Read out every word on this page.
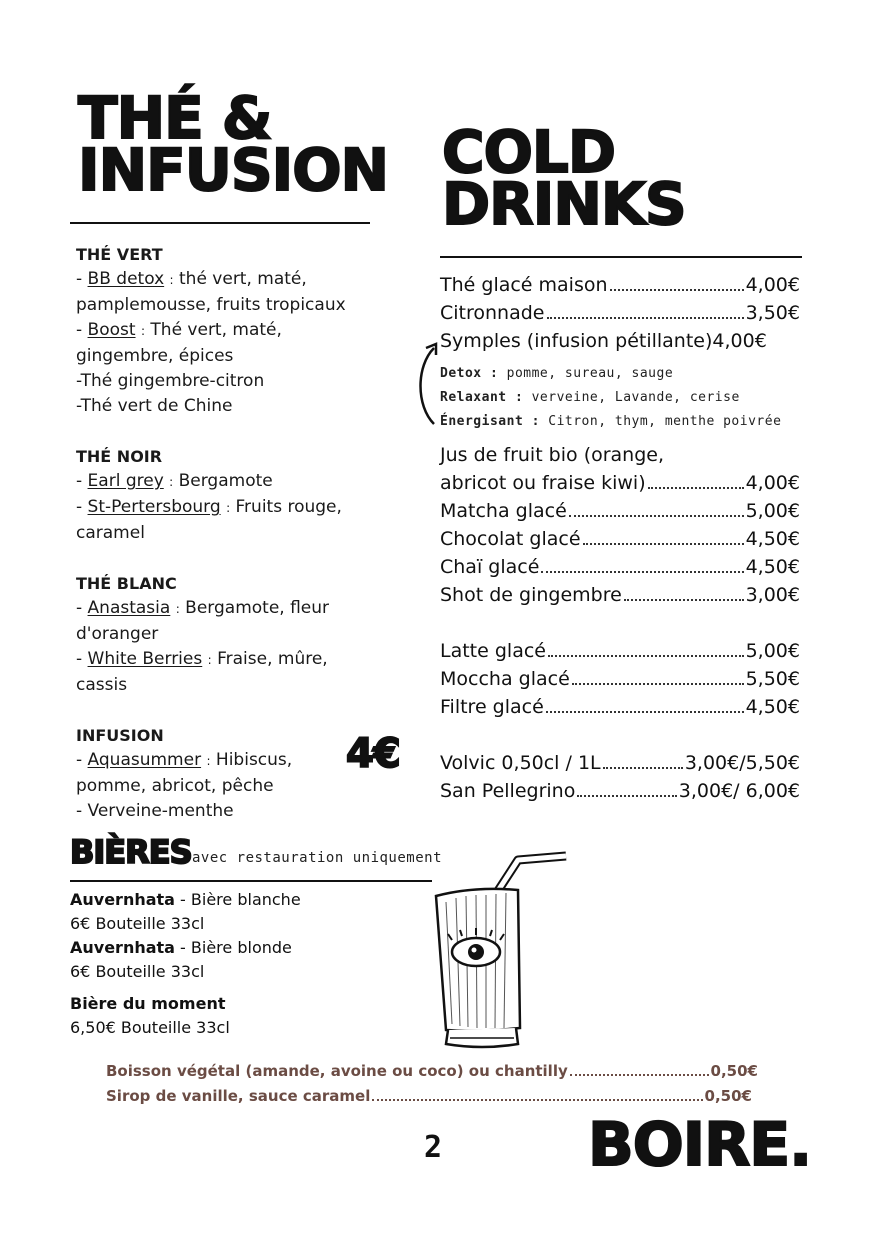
THÉ &
INFUSION
THÉ VERT
- BB detox : thé vert, maté,
pamplemousse, fruits tropicaux
- Boost : Thé vert, maté,
gingembre, épices
-Thé gingembre-citron
-Thé vert de Chine
THÉ NOIR
- Earl grey : Bergamote
- St-Pertersbourg : Fruits rouge,
caramel
THÉ BLANC
- Anastasia : Bergamote, fleur
d'oranger
- White Berries : Fraise, mûre,
cassis
INFUSION
- Aquasummer : Hibiscus,
pomme, abricot, pêche
- Verveine-menthe
4€
COLD
DRINKS
Thé glacé maison	4,00€
Citronnade	3,50€
Symples (infusion pétillante) 4,00€
Detox : pomme, sureau, sauge
Relaxant : verveine, Lavande, cerise
Énergisant : Citron, thym, menthe poivrée
Jus de fruit bio (orange,
abricot ou fraise kiwi)	4,00€
Matcha glacé	5,00€
Chocolat glacé	4,50€
Chaï glacé	4,50€
Shot de gingembre	3,00€
Latte glacé	5,00€
Moccha glacé	5,50€
Filtre glacé	4,50€
Volvic 0,50cl / 1L	3,00€/5,50€
San Pellegrino	3,00€/ 6,00€
BIÈRES avec restauration uniquement
Auvernhata - Bière blanche
6€ Bouteille 33cl
Auvernhata - Bière blonde
6€ Bouteille 33cl
Bière du moment
6,50€ Bouteille 33cl
Boisson végétal (amande, avoine ou coco) ou chantilly	0,50€
Sirop de vanille, sauce caramel	0,50€
2 BOIRE.
